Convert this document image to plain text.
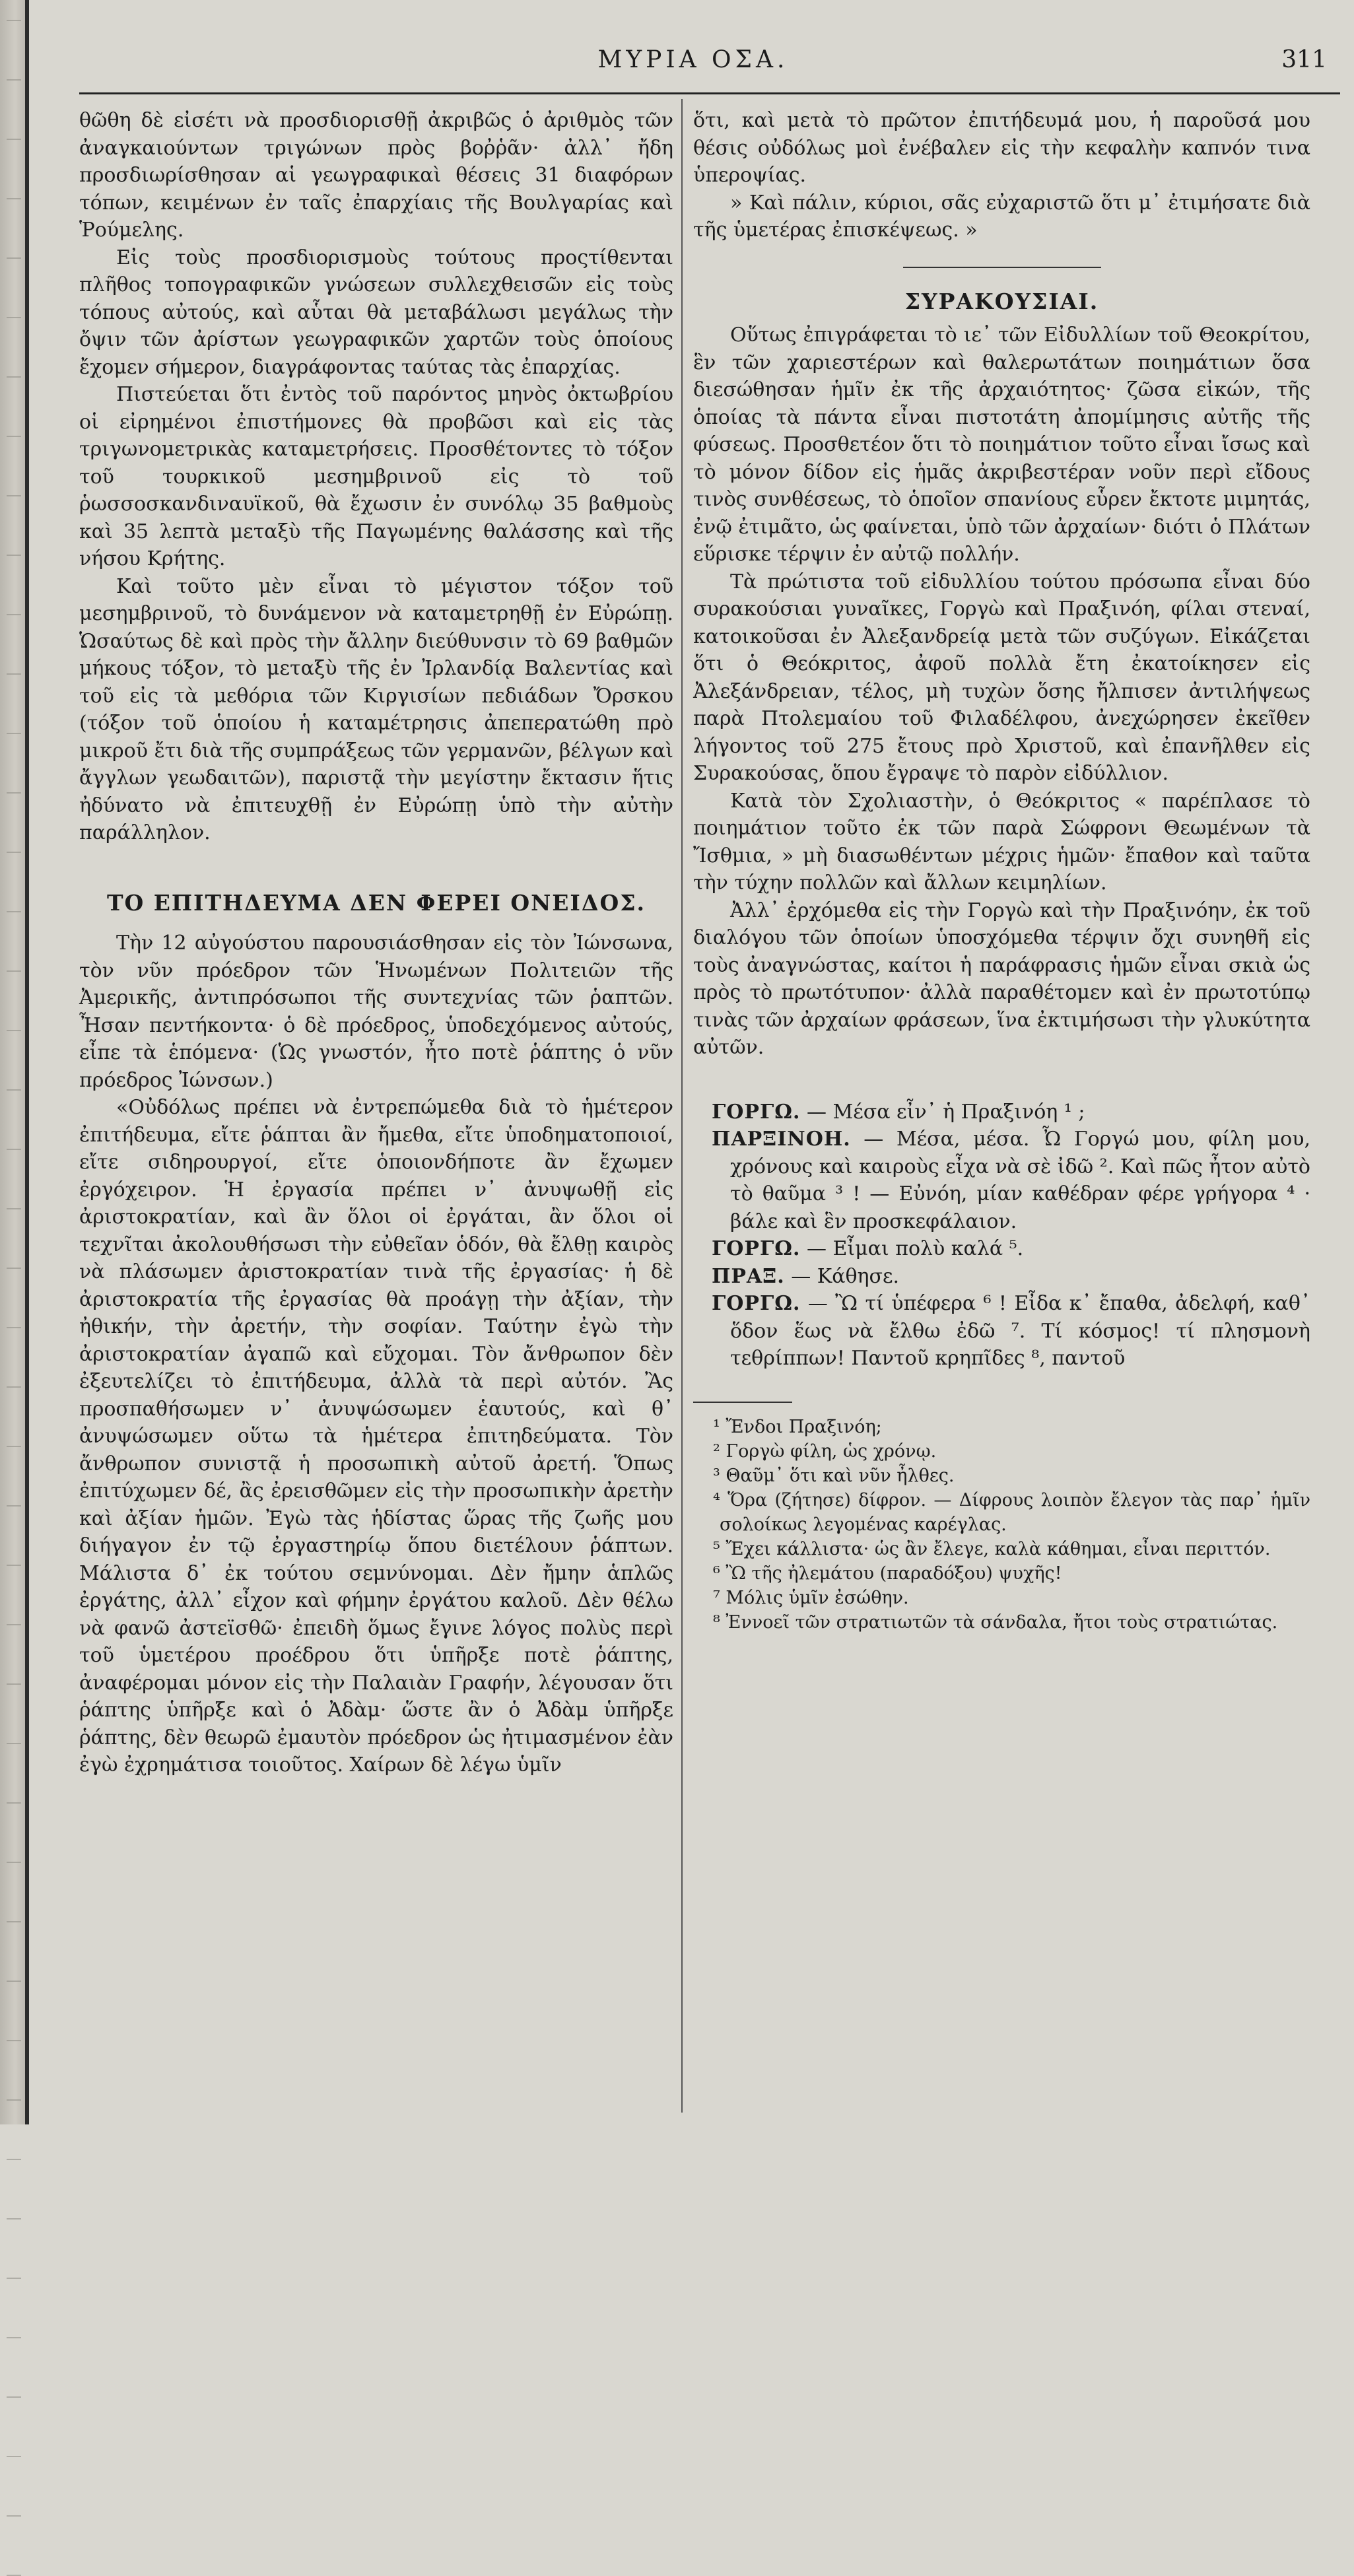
ΜΥΡΙΑ ΟΣΑ.	311

θῶθη δὲ εἰσέτι νὰ προσδιορισθῇ ἀκριβῶς ὁ ἀριθμὸς τῶν ἀναγκαιούντων τριγώνων πρὸς βοῤῥᾶν· ἀλλ᾽ ἤδη προσδιωρίσθησαν αἱ γεωγραφικαὶ θέσεις 31 διαφόρων τόπων, κειμένων ἐν ταῖς ἐπαρχίαις τῆς Βουλγαρίας καὶ Ῥούμελης.

Εἰς τοὺς προσδιορισμοὺς τούτους προςτίθενται πλῆθος τοπογραφικῶν γνώσεων συλλεχθεισῶν εἰς τοὺς τόπους αὐτούς, καὶ αὗται θὰ μεταβάλωσι μεγάλως τὴν ὄψιν τῶν ἀρίστων γεωγραφικῶν χαρτῶν τοὺς ὁποίους ἔχομεν σήμερον, διαγράφοντας ταύτας τὰς ἐπαρχίας.

Πιστεύεται ὅτι ἐντὸς τοῦ παρόντος μηνὸς ὀκτωβρίου οἱ εἰρημένοι ἐπιστήμονες θὰ προβῶσι καὶ εἰς τὰς τριγωνομετρικὰς καταμετρήσεις. Προσθέτοντες τὸ τόξον τοῦ τουρκικοῦ μεσημβρινοῦ εἰς τὸ τοῦ ῥωσσοσκανδιναυϊκοῦ, θὰ ἔχωσιν ἐν συνόλῳ 35 βαθμοὺς καὶ 35 λεπτὰ μεταξὺ τῆς Παγωμένης θαλάσσης καὶ τῆς νήσου Κρήτης.

Καὶ τοῦτο μὲν εἶναι τὸ μέγιστον τόξον τοῦ μεσημβρινοῦ, τὸ δυνάμενον νὰ καταμετρηθῇ ἐν Εὐρώπῃ. Ὡσαύτως δὲ καὶ πρὸς τὴν ἄλλην διεύθυνσιν τὸ 69 βαθμῶν μήκους τόξον, τὸ μεταξὺ τῆς ἐν Ἰρλανδίᾳ Βαλεντίας καὶ τοῦ εἰς τὰ μεθόρια τῶν Κιργισίων πεδιάδων Ὄρσκου (τόξον τοῦ ὁποίου ἡ καταμέτρησις ἀπεπερατώθη πρὸ μικροῦ ἔτι διὰ τῆς συμπράξεως τῶν γερμανῶν, βέλγων καὶ ἄγγλων γεωδαιτῶν), παριστᾷ τὴν μεγίστην ἔκτασιν ἥτις ἠδύνατο νὰ ἐπιτευχθῇ ἐν Εὐρώπῃ ὑπὸ τὴν αὐτὴν παράλληλον.

ΤΟ ΕΠΙΤΗΔΕΥΜΑ ΔΕΝ ΦΕΡΕΙ ΟΝΕΙΔΟΣ.

Τὴν 12 αὐγούστου παρουσιάσθησαν εἰς τὸν Ἰώνσωνα, τὸν νῦν πρόεδρον τῶν Ἡνωμένων Πολιτειῶν τῆς Ἀμερικῆς, ἀντιπρόσωποι τῆς συντεχνίας τῶν ῥαπτῶν. Ἦσαν πεντήκοντα· ὁ δὲ πρόεδρος, ὑποδεχόμενος αὐτούς, εἶπε τὰ ἑπόμενα· (Ὡς γνωστόν, ἦτο ποτὲ ῥάπτης ὁ νῦν πρόεδρος Ἰώνσων.)

«Οὐδόλως πρέπει νὰ ἐντρεπώμεθα διὰ τὸ ἡμέτερον ἐπιτήδευμα, εἴτε ῥάπται ἂν ἤμεθα, εἴτε ὑποδηματοποιοί, εἴτε σιδηρουργοί, εἴτε ὁποιονδήποτε ἂν ἔχωμεν ἐργόχειρον. Ἡ ἐργασία πρέπει ν᾽ ἀνυψωθῇ εἰς ἀριστοκρατίαν, καὶ ἂν ὅλοι οἱ ἐργάται, ἂν ὅλοι οἱ τεχνῖται ἀκολουθήσωσι τὴν εὐθεῖαν ὁδόν, θὰ ἔλθῃ καιρὸς νὰ πλάσωμεν ἀριστοκρατίαν τινὰ τῆς ἐργασίας· ἡ δὲ ἀριστοκρατία τῆς ἐργασίας θὰ προάγῃ τὴν ἀξίαν, τὴν ἠθικήν, τὴν ἀρετήν, τὴν σοφίαν. Ταύτην ἐγὼ τὴν ἀριστοκρατίαν ἀγαπῶ καὶ εὔχομαι. Τὸν ἄνθρωπον δὲν ἐξευτελίζει τὸ ἐπιτήδευμα, ἀλλὰ τὰ περὶ αὐτόν. Ἂς προσπαθήσωμεν ν᾽ ἀνυψώσωμεν ἑαυτούς, καὶ θ᾽ ἀνυψώσωμεν οὕτω τὰ ἡμέτερα ἐπιτηδεύματα. Τὸν ἄνθρωπον συνιστᾷ ἡ προσωπικὴ αὐτοῦ ἀρετή. Ὅπως ἐπιτύχωμεν δέ, ἂς ἐρεισθῶμεν εἰς τὴν προσωπικὴν ἀρετὴν καὶ ἀξίαν ἡμῶν. Ἐγὼ τὰς ἡδίστας ὥρας τῆς ζωῆς μου διήγαγον ἐν τῷ ἐργαστηρίῳ ὅπου διετέλουν ῥάπτων. Μάλιστα δ᾽ ἐκ τούτου σεμνύνομαι. Δὲν ἤμην ἁπλῶς ἐργάτης, ἀλλ᾽ εἶχον καὶ φήμην ἐργάτου καλοῦ. Δὲν θέλω νὰ φανῶ ἀστεϊσθῶ· ἐπειδὴ ὅμως ἔγινε λόγος πολὺς περὶ τοῦ ὑμετέρου προέδρου ὅτι ὑπῆρξε ποτὲ ῥάπτης, ἀναφέρομαι μόνον εἰς τὴν Παλαιὰν Γραφήν, λέγουσαν ὅτι ῥάπτης ὑπῆρξε καὶ ὁ Ἀδὰμ· ὥστε ἂν ὁ Ἀδὰμ ὑπῆρξε ῥάπτης, δὲν θεωρῶ ἐμαυτὸν πρόεδρον ὡς ἠτιμασμένον ἐὰν ἐγὼ ἐχρημάτισα τοιοῦτος. Χαίρων δὲ λέγω ὑμῖν

ὅτι, καὶ μετὰ τὸ πρῶτον ἐπιτήδευμά μου, ἡ παροῦσά μου θέσις οὐδόλως μοὶ ἐνέβαλεν εἰς τὴν κεφαλὴν καπνόν τινα ὑπεροψίας.

» Καὶ πάλιν, κύριοι, σᾶς εὐχαριστῶ ὅτι μ᾽ ἐτιμήσατε διὰ τῆς ὑμετέρας ἐπισκέψεως. »

ΣΥΡΑΚΟΥΣΙΑΙ.

Οὕτως ἐπιγράφεται τὸ ιε᾽ τῶν Εἰδυλλίων τοῦ Θεοκρίτου, ἓν τῶν χαριεστέρων καὶ θαλερωτάτων ποιημάτιων ὅσα διεσώθησαν ἡμῖν ἐκ τῆς ἀρχαιότητος· ζῶσα εἰκών, τῆς ὁποίας τὰ πάντα εἶναι πιστοτάτη ἀπομίμησις αὐτῆς τῆς φύσεως. Προσθετέον ὅτι τὸ ποιημάτιον τοῦτο εἶναι ἴσως καὶ τὸ μόνον δίδον εἰς ἡμᾶς ἀκριβεστέραν νοῦν περὶ εἴδους τινὸς συνθέσεως, τὸ ὁποῖον σπανίους εὗρεν ἔκτοτε μιμητάς, ἐνῷ ἐτιμᾶτο, ὡς φαίνεται, ὑπὸ τῶν ἀρχαίων· διότι ὁ Πλάτων εὕρισκε τέρψιν ἐν αὐτῷ πολλήν.

Τὰ πρώτιστα τοῦ εἰδυλλίου τούτου πρόσωπα εἶναι δύο συρακούσιαι γυναῖκες, Γοργὼ καὶ Πραξινόη, φίλαι στεναί, κατοικοῦσαι ἐν Ἀλεξανδρείᾳ μετὰ τῶν συζύγων. Εἰκάζεται ὅτι ὁ Θεόκριτος, ἀφοῦ πολλὰ ἔτη ἐκατοίκησεν εἰς Ἀλεξάνδρειαν, τέλος, μὴ τυχὼν ὅσης ἤλπισεν ἀντιλήψεως παρὰ Πτολεμαίου τοῦ Φιλαδέλφου, ἀνεχώρησεν ἐκεῖθεν λήγοντος τοῦ 275 ἔτους πρὸ Χριστοῦ, καὶ ἐπανῆλθεν εἰς Συρακούσας, ὅπου ἔγραψε τὸ παρὸν εἰδύλλιον.

Κατὰ τὸν Σχολιαστὴν, ὁ Θεόκριτος « παρέπλασε τὸ ποιημάτιον τοῦτο ἐκ τῶν παρὰ Σώφρονι Θεωμένων τὰ Ἴσθμια, » μὴ διασωθέντων μέχρις ἡμῶν· ἔπαθον καὶ ταῦτα τὴν τύχην πολλῶν καὶ ἄλλων κειμηλίων.

Ἀλλ᾽ ἐρχόμεθα εἰς τὴν Γοργὼ καὶ τὴν Πραξινόην, ἐκ τοῦ διαλόγου τῶν ὁποίων ὑποσχόμεθα τέρψιν ὄχι συνηθῆ εἰς τοὺς ἀναγνώστας, καίτοι ἡ παράφρασις ἡμῶν εἶναι σκιὰ ὡς πρὸς τὸ πρωτότυπον· ἀλλὰ παραθέτομεν καὶ ἐν πρωτοτύπῳ τινὰς τῶν ἀρχαίων φράσεων, ἵνα ἐκτιμήσωσι τὴν γλυκύτητα αὐτῶν.

ΓΟΡΓΩ. — Μέσα εἶν᾽ ἡ Πραξινόη ¹ ;

ΠΑΡΞΙΝΟΗ. — Μέσα, μέσα. Ὦ Γοργώ μου, φίλη μου, χρόνους καὶ καιροὺς εἶχα νὰ σὲ ἰδῶ ². Καὶ πῶς ἦτον αὐτὸ τὸ θαῦμα ³ ! — Εὐνόη, μίαν καθέδραν φέρε γρήγορα ⁴ · βάλε καὶ ἓν προσκεφάλαιον.

ΓΟΡΓΩ. — Εἶμαι πολὺ καλά ⁵.

ΠΡΑΞ. — Κάθησε.

ΓΟΡΓΩ. — Ὢ τί ὑπέφερα ⁶ ! Εἶδα κ᾽ ἔπαθα, ἀδελφή, καθ᾽ ὅδον ἕως νὰ ἔλθω ἐδῶ ⁷. Τί κόσμος! τί πλησμονὴ τεθρίππων! Παντοῦ κρηπῖδες ⁸, παντοῦ

¹ Ἔνδοι Πραξινόη;

² Γοργὼ φίλη, ὡς χρόνῳ.

³ Θαῦμ᾽ ὅτι καὶ νῦν ἦλθες.

⁴ Ὅρα (ζήτησε) δίφρον. — Δίφρους λοιπὸν ἔλεγον τὰς παρ᾽ ἡμῖν σολοίκως λεγομένας καρέγλας.

⁵ Ἔχει κάλλιστα· ὡς ἂν ἔλεγε, καλὰ κάθημαι, εἶναι περιττόν.

⁶ Ὢ τῆς ἠλεμάτου (παραδόξου) ψυχῆς!

⁷ Μόλις ὑμῖν ἐσώθην.

⁸ Ἐννοεῖ τῶν στρατιωτῶν τὰ σάνδαλα, ἤτοι τοὺς στρατιώτας.
